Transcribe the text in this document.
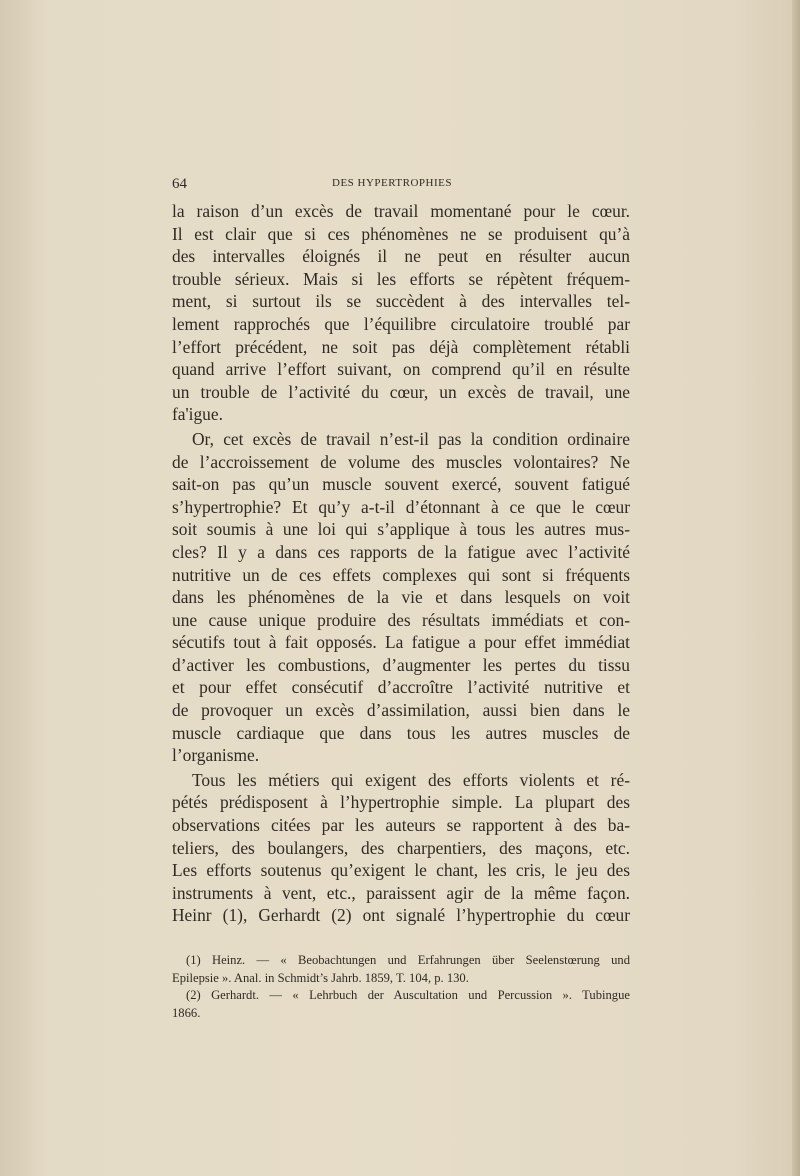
64	DES HYPERTROPHIES
la raison d’un excès de travail momentané pour le cœur.
Il est clair que si ces phénomènes ne se produisent qu’à
des intervalles éloignés il ne peut en résulter aucun
trouble sérieux. Mais si les efforts se répètent fréquem-
ment, si surtout ils se succèdent à des intervalles tel-
lement rapprochés que l’équilibre circulatoire troublé par
l’effort précédent, ne soit pas déjà complètement rétabli
quand arrive l’effort suivant, on comprend qu’il en résulte
un trouble de l’activité du cœur, un excès de travail, une
fa'igue.
Or, cet excès de travail n’est-il pas la condition ordinaire
de l’accroissement de volume des muscles volontaires? Ne
sait-on pas qu’un muscle souvent exercé, souvent fatigué
s’hypertrophie? Et qu’y a-t-il d’étonnant à ce que le cœur
soit soumis à une loi qui s’applique à tous les autres mus-
cles? Il y a dans ces rapports de la fatigue avec l’activité
nutritive un de ces effets complexes qui sont si fréquents
dans les phénomènes de la vie et dans lesquels on voit
une cause unique produire des résultats immédiats et con-
sécutifs tout à fait opposés. La fatigue a pour effet immédiat
d’activer les combustions, d’augmenter les pertes du tissu
et pour effet consécutif d’accroître l’activité nutritive et
de provoquer un excès d’assimilation, aussi bien dans le
muscle cardiaque que dans tous les autres muscles de
l’organisme.
Tous les métiers qui exigent des efforts violents et ré-
pétés prédisposent à l’hypertrophie simple. La plupart des
observations citées par les auteurs se rapportent à des ba-
teliers, des boulangers, des charpentiers, des maçons, etc.
Les efforts soutenus qu’exigent le chant, les cris, le jeu des
instruments à vent, etc., paraissent agir de la même façon.
Heinr (1), Gerhardt (2) ont signalé l’hypertrophie du cœur
(1) Heinz. — « Beobachtungen und Erfahrungen über Seelenstœrung und
Epilepsie ». Anal. in Schmidt’s Jahrb. 1859, T. 104, p. 130.
(2) Gerhardt. — « Lehrbuch der Auscultation und Percussion ». Tubingue
1866.
